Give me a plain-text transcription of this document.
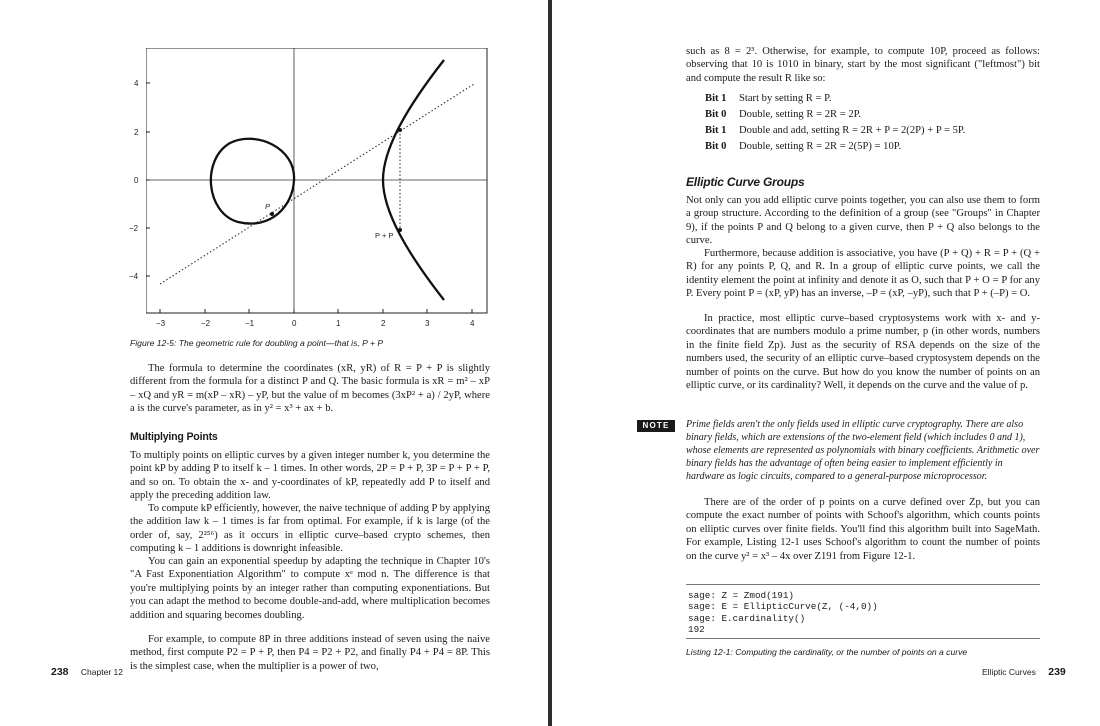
P
P + P
−3	−2	−1	0	1	2	3	4
4
2
0
−2
−4

Figure 12-5: The geometric rule for doubling a point—that is, P + P

The formula to determine the coordinates (xR, yR) of R = P + P is slightly different from the formula for a distinct P and Q. The basic formula is xR = m² – xP – xQ and yR = m(xP – xR) – yP, but the value of m becomes (3xP² + a) / 2yP, where a is the curve's parameter, as in y² = x³ + ax + b.

Multiplying Points

To multiply points on elliptic curves by a given integer number k, you determine the point kP by adding P to itself k – 1 times. In other words, 2P = P + P, 3P = P + P + P, and so on. To obtain the x- and y-coordinates of kP, repeatedly add P to itself and apply the preceding addition law.

To compute kP efficiently, however, the naive technique of adding P by applying the addition law k – 1 times is far from optimal. For example, if k is large (of the order of, say, 2²⁵⁶) as it occurs in elliptic curve–based crypto schemes, then computing k – 1 additions is downright infeasible.

You can gain an exponential speedup by adapting the technique in Chapter 10's "A Fast Exponentiation Algorithm" to compute xᵉ mod n. The difference is that you're multiplying points by an integer rather than computing exponentiations. But you can adapt the method to become double-and-add, where multiplication becomes addition and squaring becomes doubling.

For example, to compute 8P in three additions instead of seven using the naive method, first compute P2 = P + P, then P4 = P2 + P2, and finally P4 + P4 = 8P. This is the simplest case, when the multiplier is a power of two,

238 Chapter 12

such as 8 = 2³. Otherwise, for example, to compute 10P, proceed as follows: observing that 10 is 1010 in binary, start by the most significant ("leftmost") bit and compute the result R like so:

Bit 1 Start by setting R = P.
Bit 0 Double, setting R = 2R = 2P.
Bit 1 Double and add, setting R = 2R + P = 2(2P) + P = 5P.
Bit 0 Double, setting R = 2R = 2(5P) = 10P.

Elliptic Curve Groups

Not only can you add elliptic curve points together, you can also use them to form a group structure. According to the definition of a group (see "Groups" in Chapter 9), if the points P and Q belong to a given curve, then P + Q also belongs to the curve.

Furthermore, because addition is associative, you have (P + Q) + R = P + (Q + R) for any points P, Q, and R. In a group of elliptic curve points, we call the identity element the point at infinity and denote it as O, such that P + O = P for any P. Every point P = (xP, yP) has an inverse, –P = (xP, –yP), such that P + (–P) = O.

In practice, most elliptic curve–based cryptosystems work with x- and y-coordinates that are numbers modulo a prime number, p (in other words, numbers in the finite field Zp). Just as the security of RSA depends on the size of the numbers used, the security of an elliptic curve–based cryptosystem depends on the number of points on the curve. But how do you know the number of points on an elliptic curve, or its cardinality? Well, it depends on the curve and the value of p.

NOTE	Prime fields aren't the only fields used in elliptic curve cryptography. There are also binary fields, which are extensions of the two-element field (which includes 0 and 1), whose elements are represented as polynomials with binary coefficients. Arithmetic over binary fields has the advantage of often being easier to implement efficiently in hardware as logic circuits, compared to a general-purpose microprocessor.

There are of the order of p points on a curve defined over Zp, but you can compute the exact number of points with Schoof's algorithm, which counts points on elliptic curves over finite fields. You'll find this algorithm built into SageMath. For example, Listing 12-1 uses Schoof's algorithm to count the number of points on the curve y² = x³ – 4x over Z191 from Figure 12-1.

sage: Z = Zmod(191)
sage: E = EllipticCurve(Z, (-4,0))
sage: E.cardinality()
192

Listing 12-1: Computing the cardinality, or the number of points on a curve

Elliptic Curves 239
